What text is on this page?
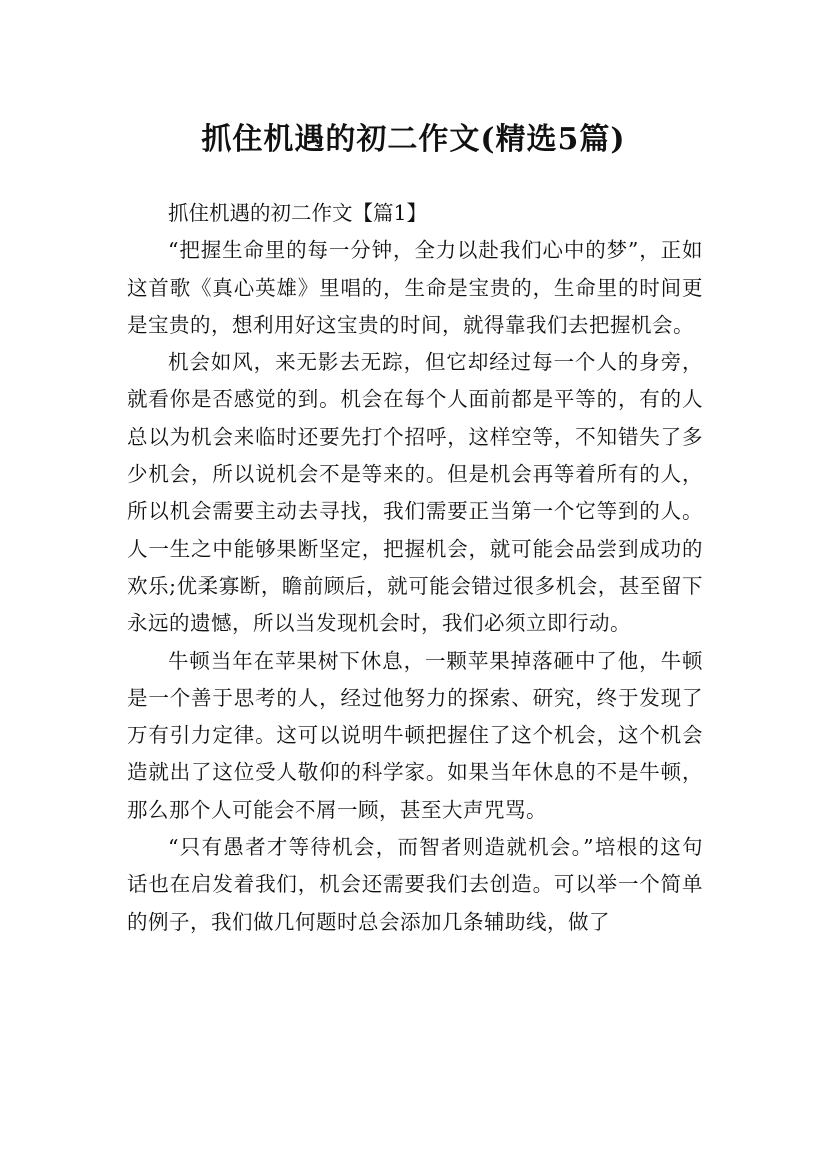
抓住机遇的初二作文(精选5篇)

抓住机遇的初二作文【篇1】

“把握生命里的每一分钟，全力以赴我们心中的梦”，正如这首歌《真心英雄》里唱的，生命是宝贵的，生命里的时间更是宝贵的，想利用好这宝贵的时间，就得靠我们去把握机会。

机会如风，来无影去无踪，但它却经过每一个人的身旁，就看你是否感觉的到。机会在每个人面前都是平等的，有的人总以为机会来临时还要先打个招呼，这样空等，不知错失了多少机会，所以说机会不是等来的。但是机会再等着所有的人，所以机会需要主动去寻找，我们需要正当第一个它等到的人。人一生之中能够果断坚定，把握机会，就可能会品尝到成功的欢乐;优柔寡断，瞻前顾后，就可能会错过很多机会，甚至留下永远的遗憾，所以当发现机会时，我们必须立即行动。

牛顿当年在苹果树下休息，一颗苹果掉落砸中了他，牛顿是一个善于思考的人，经过他努力的探索、研究，终于发现了万有引力定律。这可以说明牛顿把握住了这个机会，这个机会造就出了这位受人敬仰的科学家。如果当年休息的不是牛顿，那么那个人可能会不屑一顾，甚至大声咒骂。

“只有愚者才等待机会，而智者则造就机会。”培根的这句话也在启发着我们，机会还需要我们去创造。可以举一个简单的例子，我们做几何题时总会添加几条辅助线，做了
